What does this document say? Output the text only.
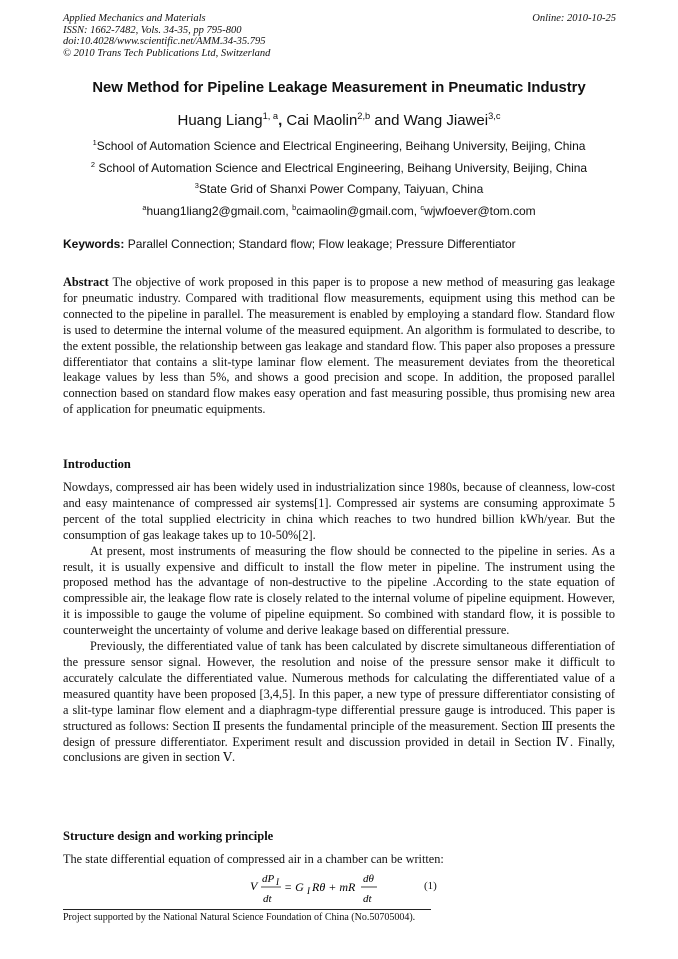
Applied Mechanics and Materials
ISSN: 1662-7482, Vols. 34-35, pp 795-800
doi:10.4028/www.scientific.net/AMM.34-35.795
© 2010 Trans Tech Publications Ltd, Switzerland
Online: 2010-10-25
New Method for Pipeline Leakage Measurement in Pneumatic Industry
Huang Liang$^{1, a}$, Cai Maolin$^{2,b}$ and Wang Jiawei$^{3,c}$
$^1$School of Automation Science and Electrical Engineering, Beihang University, Beijing, China
$^2$ School of Automation Science and Electrical Engineering, Beihang University, Beijing, China
$^3$State Grid of Shanxi Power Company, Taiyuan, China
$^a$huang1liang2@gmail.com, $^b$caimaolin@gmail.com, $^c$wjwfoever@tom.com
Keywords: Parallel Connection; Standard flow; Flow leakage; Pressure Differentiator

Abstract The objective of work proposed in this paper is to propose a new method of measuring gas leakage for pneumatic industry. Compared with traditional flow measurements, equipment using this method can be connected to the pipeline in parallel. The measurement is enabled by employing a standard flow. Standard flow is used to determine the internal volume of the measured equipment. An algorithm is formulated to describe, to the extent possible, the relationship between gas leakage and standard flow. This paper also proposes a pressure differentiator that contains a slit-type laminar flow element. The measurement deviates from the theoretical leakage values by less than 5%, and shows a good precision and scope. In addition, the proposed parallel connection based on standard flow makes easy operation and fast measuring possible, thus promising new area of application for pneumatic equipments.

Introduction

Nowdays, compressed air has been widely used in industrialization since 1980s, because of cleanness, low-cost and easy maintenance of compressed air systems[1]. Compressed air systems are consuming approximate 5 percent of the total supplied electricity in china which reaches to two hundred billion kWh/year. But the consumption of gas leakage takes up to 10-50%[2].

At present, most instruments of measuring the flow should be connected to the pipeline in series. As a result, it is usually expensive and difficult to install the flow meter in pipeline. The instrument using the proposed method has the advantage of non-destructive to the pipeline .According to the state equation of compressible air, the leakage flow rate is closely related to the internal volume of pipeline equipment. However, it is impossible to gauge the volume of pipeline equipment. So combined with standard flow, it is possible to counterweight the uncertainty of volume and derive leakage based on differential pressure.

Previously, the differentiated value of tank has been calculated by discrete simultaneous differentiation of the pressure sensor signal. However, the resolution and noise of the pressure sensor make it difficult to accurately calculate the differentiated value. Numerous methods for calculating the differentiated value of a measured quantity have been proposed [3,4,5]. In this paper, a new type of pressure differentiator consisting of a slit-type laminar flow element and a diaphragm-type differential pressure gauge is introduced. This paper is structured as follows: Section Ⅱ presents the fundamental principle of the measurement. Section Ⅲ presents the design of pressure differentiator. Experiment result and discussion provided in detail in Section Ⅳ. Finally, conclusions are given in section Ⅴ.

Structure design and working principle
The state differential equation of compressed air in a chamber can be written:
V dP I
dt
= G I Rθ + mR
dθ
dt
(1)
Project supported by the National Natural Science Foundation of China (No.50705004).
